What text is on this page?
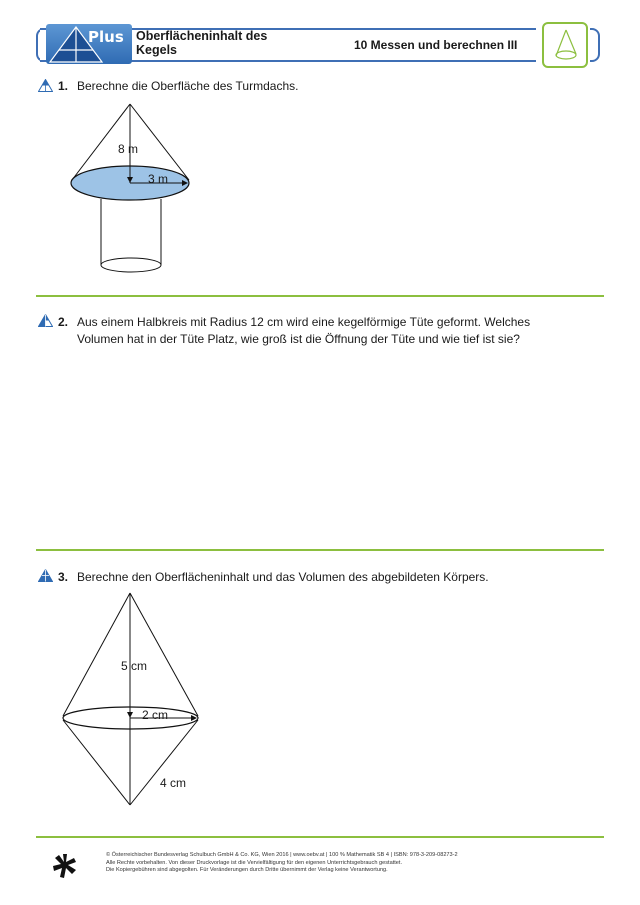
Plus Oberflächeninhalt des
Kegels	10 Messen und berechnen III
1. Berechne die Oberfläche des Turmdachs.
8 m
3 m
2. Aus einem Halbkreis mit Radius 12 cm wird eine kegelförmige Tüte geformt. Welches
Volumen hat in der Tüte Platz, wie groß ist die Öffnung der Tüte und wie tief ist sie?
3. Berechne den Oberflächeninhalt und das Volumen des abgebildeten Körpers.
5 cm
2 cm
4 cm
© Österreichischer Bundesverlag Schulbuch GmbH & Co. KG, Wien 2016 | www.oebv.at | 100 % Mathematik SB 4 | ISBN: 978-3-209-08273-2
Alle Rechte vorbehalten. Von dieser Druckvorlage ist die Vervielfältigung für den eigenen Unterrichtsgebrauch gestattet.
Die Kopiergebühren sind abgegolten. Für Veränderungen durch Dritte übernimmt der Verlag keine Verantwortung.
